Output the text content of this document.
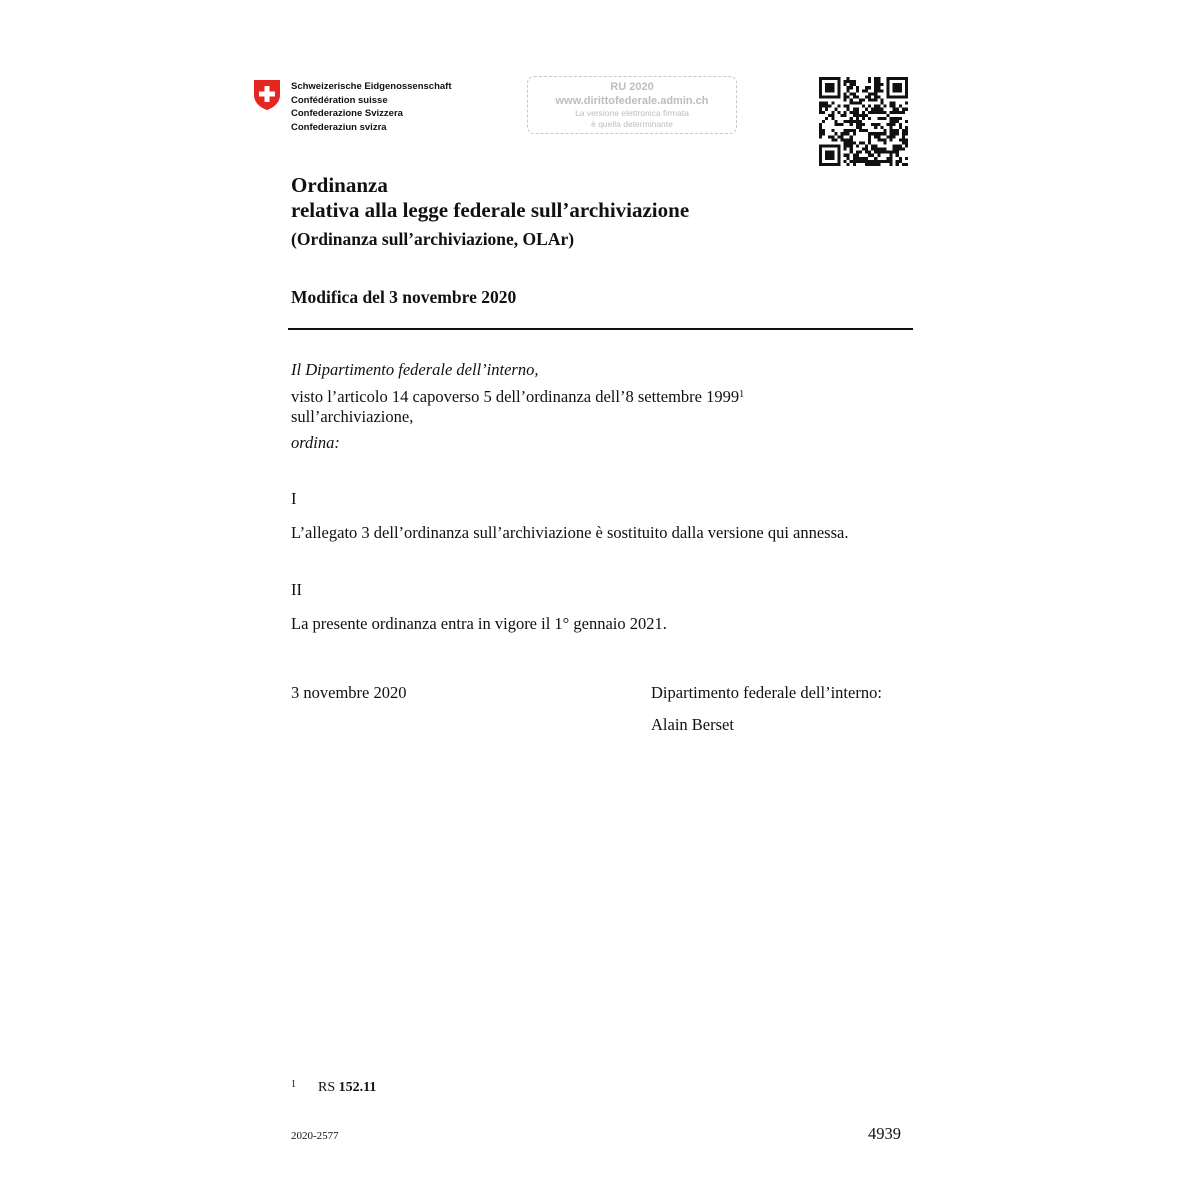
Schweizerische Eidgenossenschaft
Confédération suisse
Confederazione Svizzera
Confederaziun svizra
RU 2020
www.dirittofederale.admin.ch
La versione elettronica firmata
è quella determinante
Ordinanza
relativa alla legge federale sull’archiviazione
(Ordinanza sull’archiviazione, OLAr)
Modifica del 3 novembre 2020
Il Dipartimento federale dell’interno,
visto l’articolo 14 capoverso 5 dell’ordinanza dell’8 settembre 1999$^1$
sull’archiviazione,
ordina:
I
L’allegato 3 dell’ordinanza sull’archiviazione è sostituito dalla versione qui annessa.
II
La presente ordinanza entra in vigore il 1° gennaio 2021.
3 novembre 2020	Dipartimento federale dell’interno:
Alain Berset
$^1$ RS 152.11
2020-2577	4939
